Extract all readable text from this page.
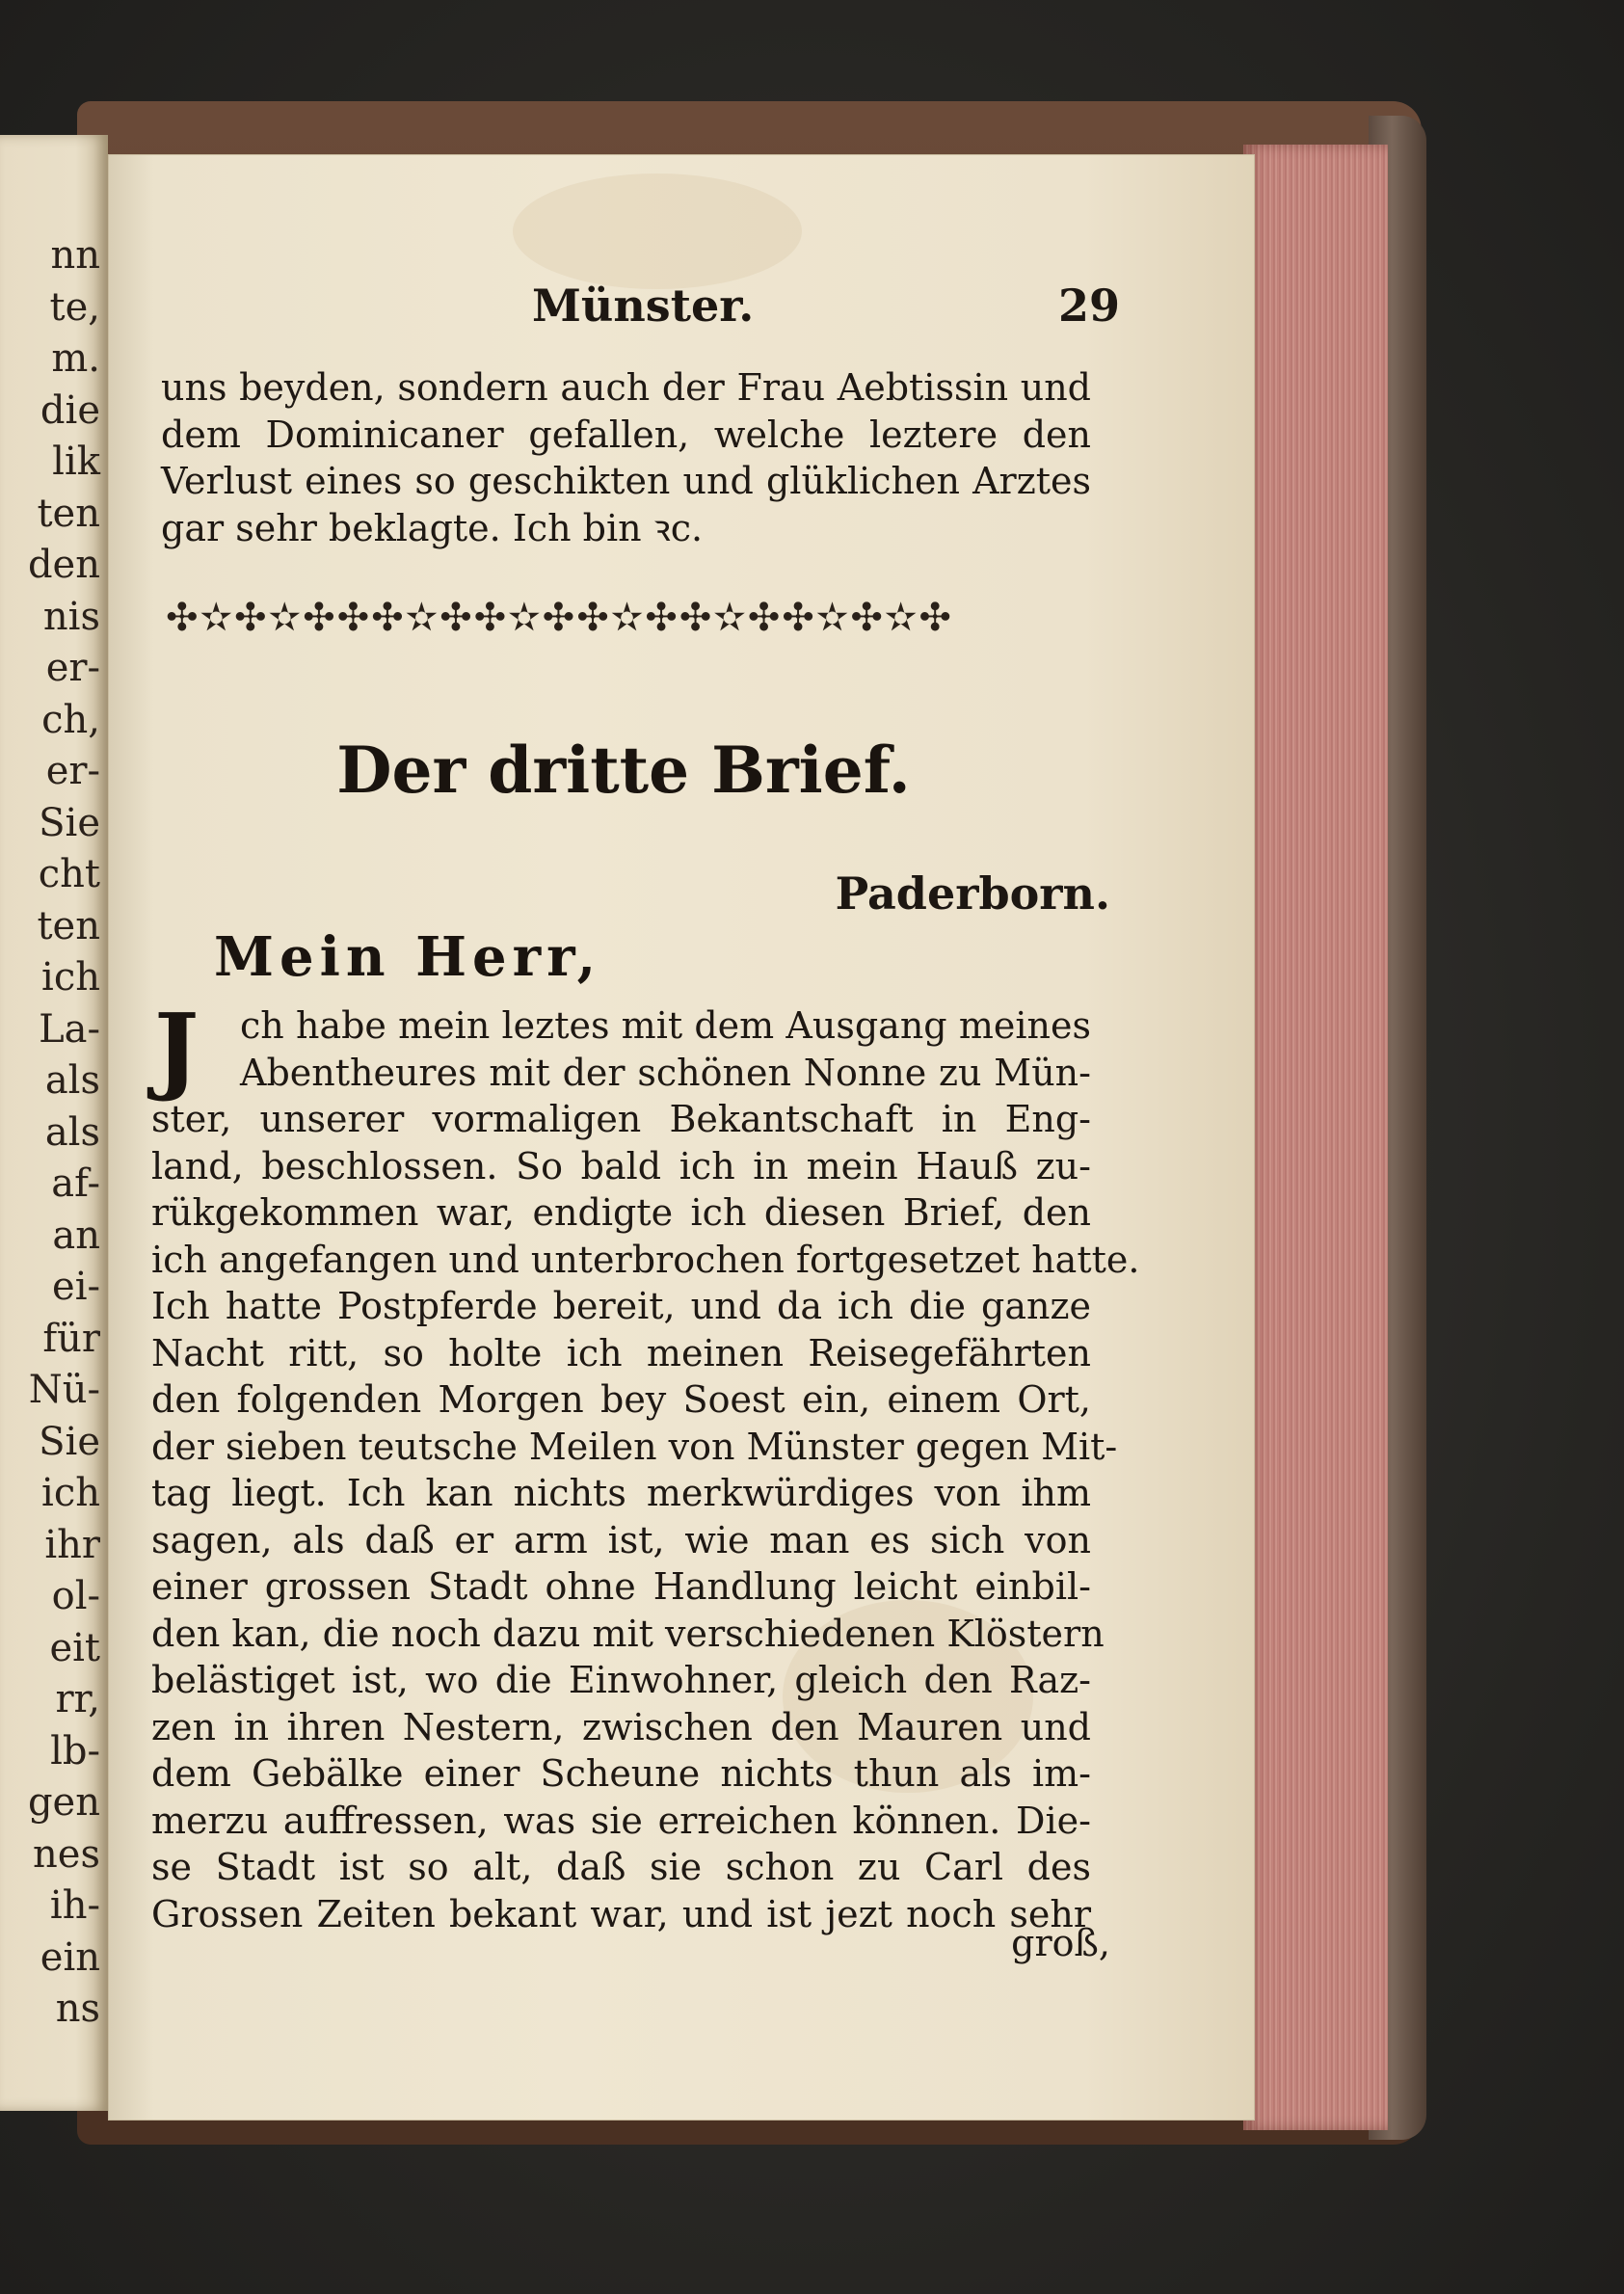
nn
te,
m.
die
lik
ten
den
nis
er-
ch,
er-
Sie
cht
ten
ich
La-
als
als
af-
an
ei-
für
Nü-
Sie
ich
ihr
ol-
eit
rr,
lb-
gen
nes
ih-
ein
ns
Münster.	29
uns beyden, sondern auch der Frau Aebtissin und
dem Dominicaner gefallen, welche leztere den
Verlust eines so geschikten und glüklichen Arztes
gar sehr beklagte. Ich bin ꝛc.
✣✫✣✫✣✣✣✫✣✣✫✣✣✫✣✣✫✣✣✫✣✫✣
Der dritte Brief.
Paderborn.
Mein Herr,
J	ch habe mein leztes mit dem Ausgang meines
Abentheures mit der schönen Nonne zu Mün-
ster, unserer vormaligen Bekantschaft in Eng-
land, beschlossen. So bald ich in mein Hauß zu-
rükgekommen war, endigte ich diesen Brief, den
ich angefangen und unterbrochen fortgesetzet hatte.
Ich hatte Postpferde bereit, und da ich die ganze
Nacht ritt, so holte ich meinen Reisegefährten
den folgenden Morgen bey Soest ein, einem Ort,
der sieben teutsche Meilen von Münster gegen Mit-
tag liegt. Ich kan nichts merkwürdiges von ihm
sagen, als daß er arm ist, wie man es sich von
einer grossen Stadt ohne Handlung leicht einbil-
den kan, die noch dazu mit verschiedenen Klöstern
belästiget ist, wo die Einwohner, gleich den Raz-
zen in ihren Nestern, zwischen den Mauren und
dem Gebälke einer Scheune nichts thun als im-
merzu auffressen, was sie erreichen können. Die-
se Stadt ist so alt, daß sie schon zu Carl des
Grossen Zeiten bekant war, und ist jezt noch sehr
groß,
